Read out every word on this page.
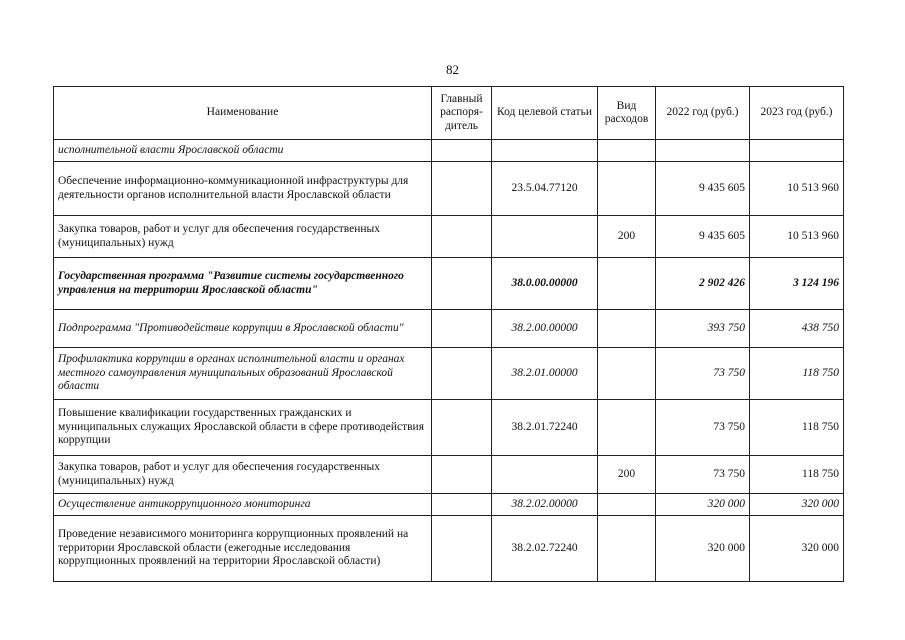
82
Наименование	Главный распоря-дитель	Код целевой статьи	Вид расходов	2022 год (руб.)	2023 год (руб.)
исполнительной власти Ярославской области					
Обеспечение информационно-коммуникационной инфраструктуры для деятельности органов исполнительной власти Ярославской области		23.5.04.77120		9 435 605	10 513 960
Закупка товаров, работ и услуг для обеспечения государственных (муниципальных) нужд			200	9 435 605	10 513 960
Государственная программа "Развитие системы государственного управления на территории Ярославской области"		38.0.00.00000		2 902 426	3 124 196
Подпрограмма "Противодействие коррупции в Ярославской области"		38.2.00.00000		393 750	438 750
Профилактика коррупции в органах исполнительной власти и органах местного самоуправления муниципальных образований Ярославской области		38.2.01.00000		73 750	118 750
Повышение квалификации государственных гражданских и муниципальных служащих Ярославской области в сфере противодействия коррупции		38.2.01.72240		73 750	118 750
Закупка товаров, работ и услуг для обеспечения государственных (муниципальных) нужд			200	73 750	118 750
Осуществление антикоррупционного мониторинга		38.2.02.00000		320 000	320 000
Проведение независимого мониторинга коррупционных проявлений на территории Ярославской области (ежегодные исследования коррупционных проявлений на территории Ярославской области)		38.2.02.72240		320 000	320 000
